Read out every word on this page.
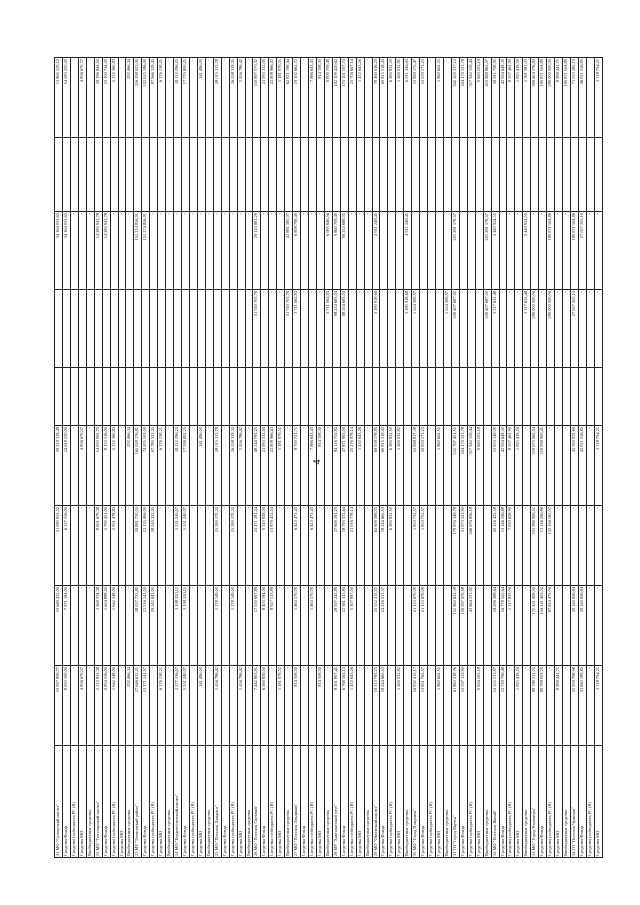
4
21 МО "Сугоярский наслег"	10 937 859,77	10 649 432,00	21 080 953,52	39 218 329,49			34 164 953,63		13 865 129,12
Средства Фонда	8 033 100,00	7 971 184,00	6 127 156,00	24 618 230,00			34 164 953,63		54 583 250,00
Средства госбюджета РС (Я)	-	-	-	-			-		-
Средства МО	4 856 670,37	-	-	4 856 670,37			-		4 856 670,37
Внебюджетные средства	-	-	-	-			-		-
22 МО "Тюгесирский наслег"	2 512 833,38	3 269 374,38	8 651 679,38	14 033 902,70			14 282 941,78		29 196 844,50
Средства Фонда	0 834 126,00	1 624 888,50	5 700 451,00	8 133 516,00			14 282 941,78		23 100 744,00
Средства госбюджета РС (Я)	1 642 548,00	1 642 548,00	2 951 478,83	5 235 560,83			-		5 235 560,83
Средства МО	-	-	-	-			-		-
Внебюджетные средства	292 466,34	-	-	292 466,34			-		292 466,34
23 МР "Томпонский район"	27 646 613,21	28 037 733,80	59 881 730,05	165 028 176,81			151 214 856,91		316 298 023,00
Средства Фонда	21 271 141,97	21 516 143,00	21 135 406,00	74 205 103,00			151 274 856,91		222 025 186,00
Средства госбюджета РС (Я)	-	29 542 843,00	38 240 322,45	67 780 323,45			-		87 966 329,45
Средства МО	6 376 138,21	-	-	6 376 138,21			-		6 376 138,21
Внебюджетные средства	-	-	-	-			-		-
24 МО "Бердигестяхский наслег"	2 577 336,07	3 108 320,11	5 531 240,07	18 112 296,25			-		18 112 296,25
Средства Фонда	5 531 240,07	3 108 320,11	5 531 240,07	17 399 802,25			-		17 770 800,25
Средства госбюджета РС (Я)	-	-	-	-			-		-
Средства МО	341 496,00	-	-	341 496,00			-		341 496,00
Внебюджетные средства	-	-	-	-			-		-
25 МО "Поселок Хандыга"	1 456 786,42	1 278 149,00	25 280 170,35	28 015 115,78			-		28 015 115,78
Средства Фонда	-	-	-	-			-		-
Средства госбюджета РС (Я)	-	1 278 149,00	25 280 170,35	26 558 319,35			-		26 558 319,35
Средства МО	1 456 786,42	-	-	1 456 786,42			-		1 456 786,42
Внебюджетные средства	-	-	-	-			-		-
26 МО "Поселок Светлый"	7 442 803,91	17 330 697,89	23 471 281,34	48 244 783,25		31 740 703,78	29 110 881,29		110 897 370,32
Средства Фонда	6 260 839,00	8 403 184,00	9 310 828,00	21 093 312,00		-	-		21 093 312,00
Средства госбюджета РС (Я)	-	8 927 513,89	13 879 452,54	22 808 966,43		-	-		22 808 966,43
Средства МО	1 181 979,51	-	-	1 181 979,51		-	-		1 181 979,51
Внебюджетные средства	-	-	-	-		31 740 703,78	42 881 385,07		62 821 198,44
27 МО "Поселок Эльдикан"	814 108,30	1 463 170,09	6 423 471,43	8 700 751,71		3 711 062,93	6 808 799,49		19 102 662,72
Средства Фонда	-	-	-	-		-	-		-
Средства госбюджета РС (Я)	-	1 463 170,09	6 423 471,43	7 886 643,43		-	-		7 886 643,43
Средства МО	814 108,30	-	-	814 108,30		-	-		814 108,30
Внебюджетные средства	-	-	-	-		3 711 062,93	6 085 646,56		9 800 709,49
28 МР "Хангаласский улус"	8 201 807,41	28 597 242,89	27 609 291,20	84 116 755,82		98 254 683,03	9 860 709,49		192 109 420,62
Средства Фонда	6 768 163,15	22 381 315,80	18 793 372,64	47 871 993,00		98 254 683,03	99 255 688,05		175 101 107,74
Средства госбюджета РС (Я)	1 433 643,26	5 307 897,00	21 016 778,14	25 276 978,14		-	-		25 704 657,14
Средства МО	-	-	-	1 433 643,26		-	-		1 433 643,26
Внебюджетные средства	-	-	-	-		-	-		-
29 МО "Октёмский наслег"	19 513 783,25	25 552 315,35	65 609 589,35	69 058 578,85		3 180 918,68	4 911 248,45		79 460 016,20
Средства Фонда	18 244 665,53	24 226 513,37	18 244 665,53	60 815 518,43		-	-		60 815 518,43
Средства госбюджета РС (Я)	-	-	6 285 852,50	6 285 852,50		-	-		6 285 852,50
Средства МО	1 269 032,82	-	-	1 269 032,82		-	-		1 269 032,82
Внебюджетные средства	-	-	-	-		3 180 918,68	4 911 248,45		6 911 346,63
30 МО "Город Покровск"	16 932 415,17	21 133 670,09	1 853 752,57	52 098 817,38		1 524 399,97	-		53 899 175,47
Средства Фонда	13 851 765,57	21 133 670,09	1 853 752,57	50 839 173,23		-	-		52 039 173,23
Средства госбюджета РС (Я)	-	-	-	-		-	-		-
Средства МО	1 860 662,55	-	-	1 860 662,55		-	-		1 860 662,55
Внебюджетные средства	-	-	-	-		1 524 399,97	-		-
31 ГО "Город Якутск"	61 863 218,76	152 963 622,39	179 876 349,78	531 707 451,55		209 607 687,00	201 281 178,57		942 203 317,12
Средства Фонда	52 037 113,90	109 297 370,98	51 073 223,90	204 172 211,78		-	-		204 172 211,78
Средства госбюджета РС (Я)	-	43 664 251,00	266 976 836,18	317 942 159,44		-	-		317 942 159,44
Средства МО	9 826 203,18	-	-	9 620 203,18		-	-		9 620 203,18
Внебюджетные средства	-	-	-	-		209 607 687,00	201 281 178,57		410 888 865,57
32 МО "Поселок Жатай"	14 555 213,87	18 296 388,64	20 226 425,58	53 053 149,09		3 317 632,48	2 443 924,55		58 811 708,92
Средства Фонда	12 729 796,48	16 778 555,64	13 146 296,88	42 954 649,30		-	-		42 954 649,30
Средства госбюджета РС (Я)	-	1 517 833,00	7 020 628,90	8 537 461,90		-	-		8 537 461,90
Средства МО	1 825 419,59	-	-	1 825 419,59		-	-		1 825 419,59
Внебюджетные средства	-	-	-	-		3 317 632,48	2 443 924,55		5 761 381,03
33 МО "Город Нерюнгри"	89 780 211,05	175 451 409,30	253 986 906,51	519 075 065,54		280 000 000,00	-		499 604 176,84
Средства Фонда	80 788 003,29	154 141 403,02	13 146 296,88	219 098 900,41		-	-		180 871 504,89
Средства госбюджета РС (Я)	-	67 814 475,00	132 156 182,07	-		280 000 000,00	180 871 504,89		280 000 000,00
Средства МО	8 999 441,71	-	-	-		-	-		8 999 441,71
Внебюджетные средства	-	-	-	-		-	-		180 871 504,89
34 ГП "Поселок Чульман"	55 959 798,98	20 140 836,84	-	45 395 972,69		27 027 305,10	180 871 504,89		71 523 285,19
Средства Фонда	41 840 189,85	20 140 836,84	-	42 021 226,85		-	27 027 305,10		46 021 226,85
Средства госбюджета РС (Я)	-	-	-	-		-	-		-
Средства МО	3 118 794,21	-	-	3 118 794,21		-	-		3 118 794,21
